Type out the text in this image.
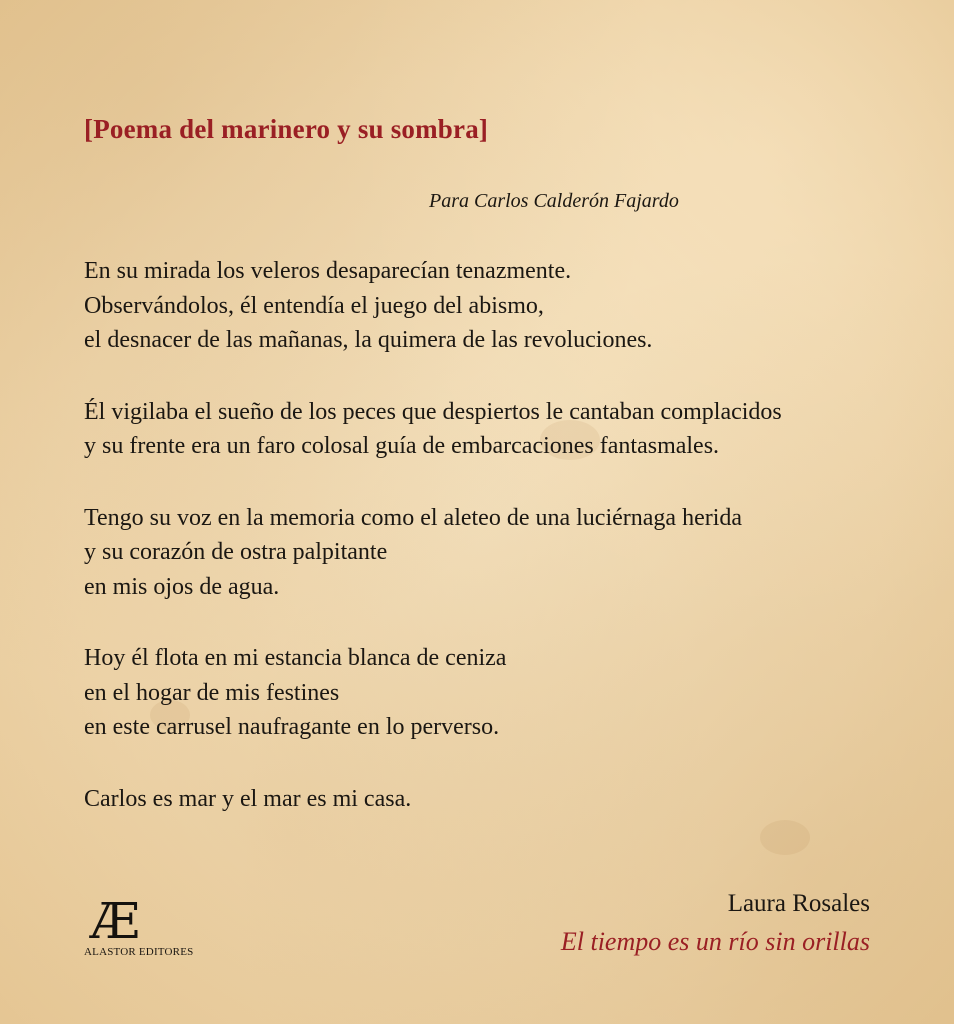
[Poema del marinero y su sombra]
Para Carlos Calderón Fajardo
En su mirada los veleros desaparecían tenazmente.
Observándolos, él entendía el juego del abismo,
el desnacer de las mañanas, la quimera de las revoluciones.
Él vigilaba el sueño de los peces que despiertos le cantaban complacidos
y su frente era un faro colosal guía de embarcaciones fantasmales.
Tengo su voz en la memoria como el aleteo de una luciérnaga herida
y su corazón de ostra palpitante
en mis ojos de agua.
Hoy él flota en mi estancia blanca de ceniza
en el hogar de mis festines
en este carrusel naufragante en lo perverso.
Carlos es mar y el mar es mi casa.
Æ
ALASTOR EDITORES
Laura Rosales
El tiempo es un río sin orillas
